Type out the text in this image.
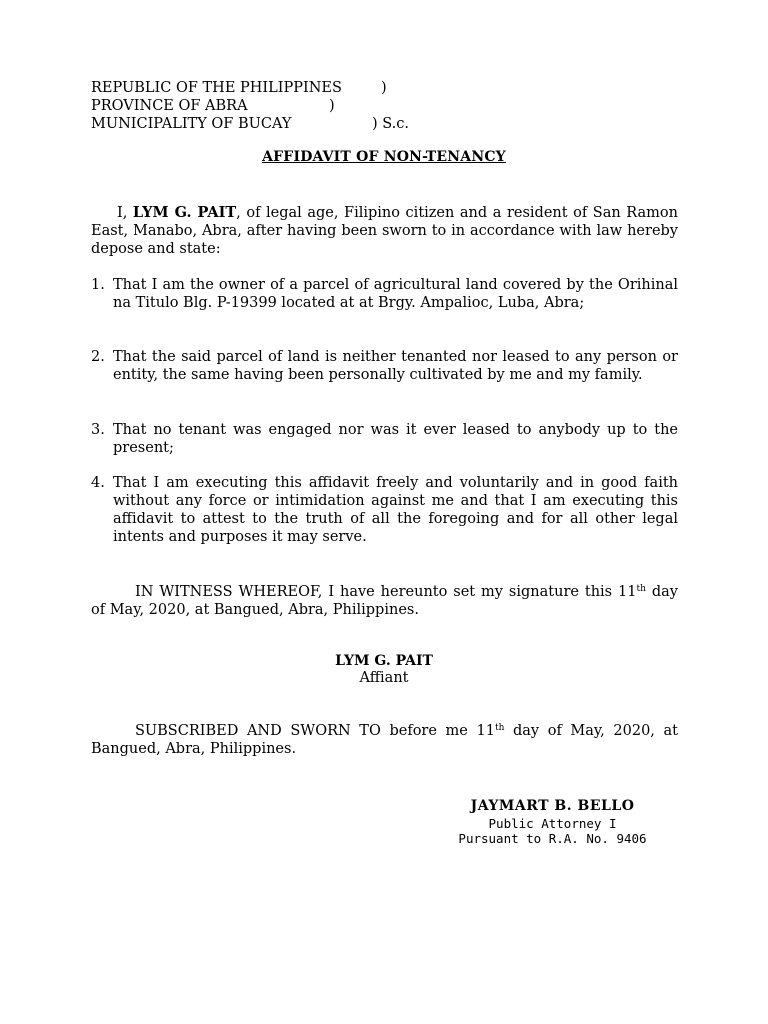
REPUBLIC OF THE PHILIPPINES	)
PROVINCE OF ABRA	)
MUNICIPALITY OF BUCAY	) S.c.
AFFIDAVIT OF NON-TENANCY
I, LYM G. PAIT, of legal age, Filipino citizen and a resident of San Ramon East, Manabo, Abra, after having been sworn to in accordance with law hereby depose and state:
1. That I am the owner of a parcel of agricultural land covered by the Orihinal na Titulo Blg. P-19399 located at at Brgy. Ampalioc, Luba, Abra;
2. That the said parcel of land is neither tenanted nor leased to any person or entity, the same having been personally cultivated by me and my family.
3. That no tenant was engaged nor was it ever leased to anybody up to the present;
4. That I am executing this affidavit freely and voluntarily and in good faith without any force or intimidation against me and that I am executing this affidavit to attest to the truth of all the foregoing and for all other legal intents and purposes it may serve.
IN WITNESS WHEREOF, I have hereunto set my signature this 11th day of May, 2020, at Bangued, Abra, Philippines.
LYM G. PAIT
Affiant
SUBSCRIBED AND SWORN TO before me 11th day of May, 2020, at Bangued, Abra, Philippines.
JAYMART B. BELLO
Public Attorney I
Pursuant to R.A. No. 9406
